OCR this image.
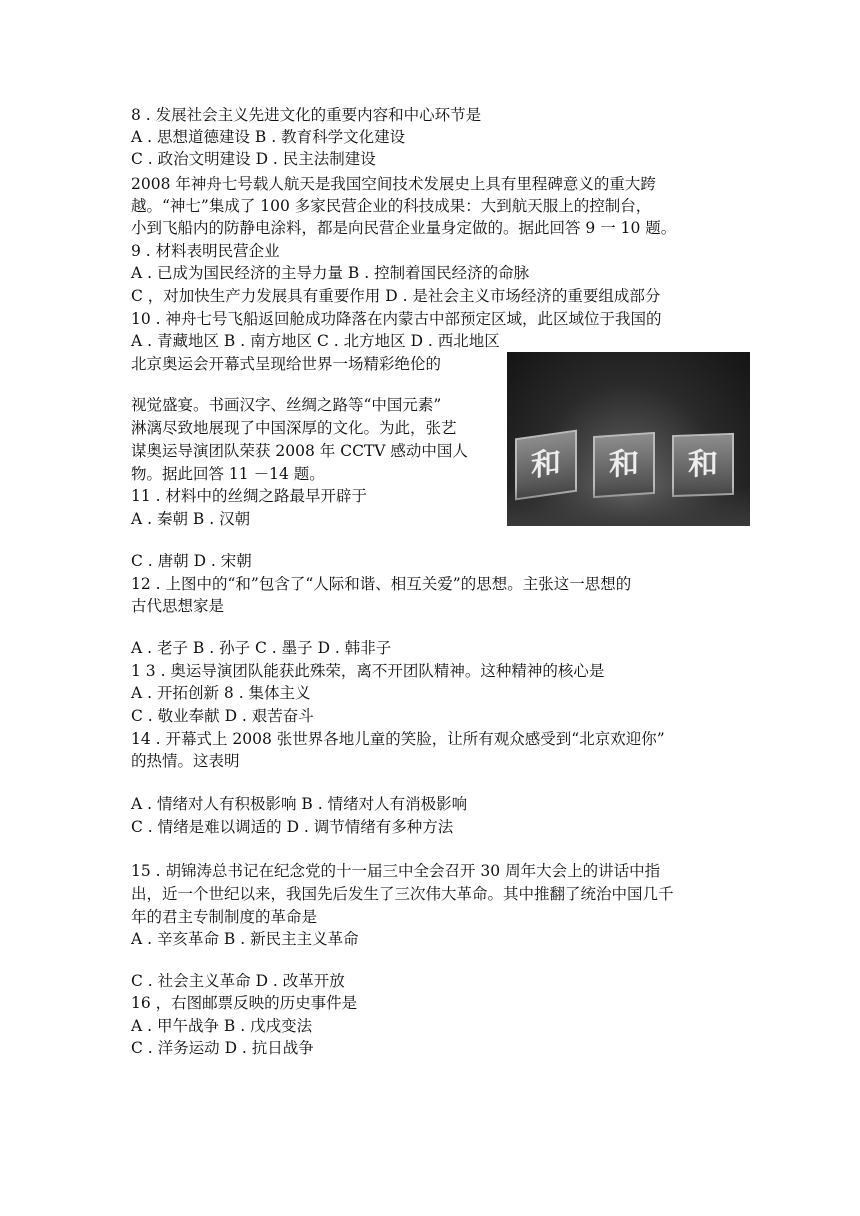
8 . 发展社会主义先进文化的重要内容和中心环节是
A . 思想道德建设 B . 教育科学文化建设
C . 政治文明建设 D . 民主法制建设
2008 年神舟七号载人航天是我国空间技术发展史上具有里程碑意义的重大跨
越。“神七”集成了 100 多家民营企业的科技成果：大到航天服上的控制台，
小到飞船内的防静电涂料，都是向民营企业量身定做的。据此回答 9 一 10 题。
9 . 材料表明民营企业
A . 已成为国民经济的主导力量 B . 控制着国民经济的命脉
C ，对加快生产力发展具有重要作用 D . 是社会主义市场经济的重要组成部分
10 . 神舟七号飞船返回舱成功降落在内蒙古中部预定区域，此区域位于我国的
A . 青藏地区 B . 南方地区 C . 北方地区 D . 西北地区
北京奥运会开幕式呈现给世界一场精彩绝伦的
视觉盛宴。书画汉字、丝绸之路等“中国元素”
淋漓尽致地展现了中国深厚的文化。为此，张艺
谋奥运导演团队荣获 2008 年 CCTV 感动中国人
物。据此回答 11 －14 题。
11 . 材料中的丝绸之路最早开辟于
A . 秦朝 B . 汉朝
C . 唐朝 D . 宋朝
12 . 上图中的“和”包含了“人际和谐、相互关爱”的思想。主张这一思想的
古代思想家是
A . 老子 B . 孙子 C . 墨子 D . 韩非子
1 3 . 奥运导演团队能获此殊荣，离不开团队精神。这种精神的核心是
A . 开拓创新 8 . 集体主义
C . 敬业奉献 D . 艰苦奋斗
14 . 开幕式上 2008 张世界各地儿童的笑脸，让所有观众感受到“北京欢迎你”
的热情。这表明
A . 情绪对人有积极影响 B . 情绪对人有消极影响
C . 情绪是难以调适的 D . 调节情绪有多种方法
15 . 胡锦涛总书记在纪念党的十一届三中全会召开 30 周年大会上的讲话中指
出，近一个世纪以来，我国先后发生了三次伟大革命。其中推翻了统治中国几千
年的君主专制制度的革命是
A . 辛亥革命 B . 新民主主义革命
C . 社会主义革命 D . 改革开放
16 ，右图邮票反映的历史事件是
A . 甲午战争 B . 戊戌变法
C . 洋务运动 D . 抗日战争
和	和	和
